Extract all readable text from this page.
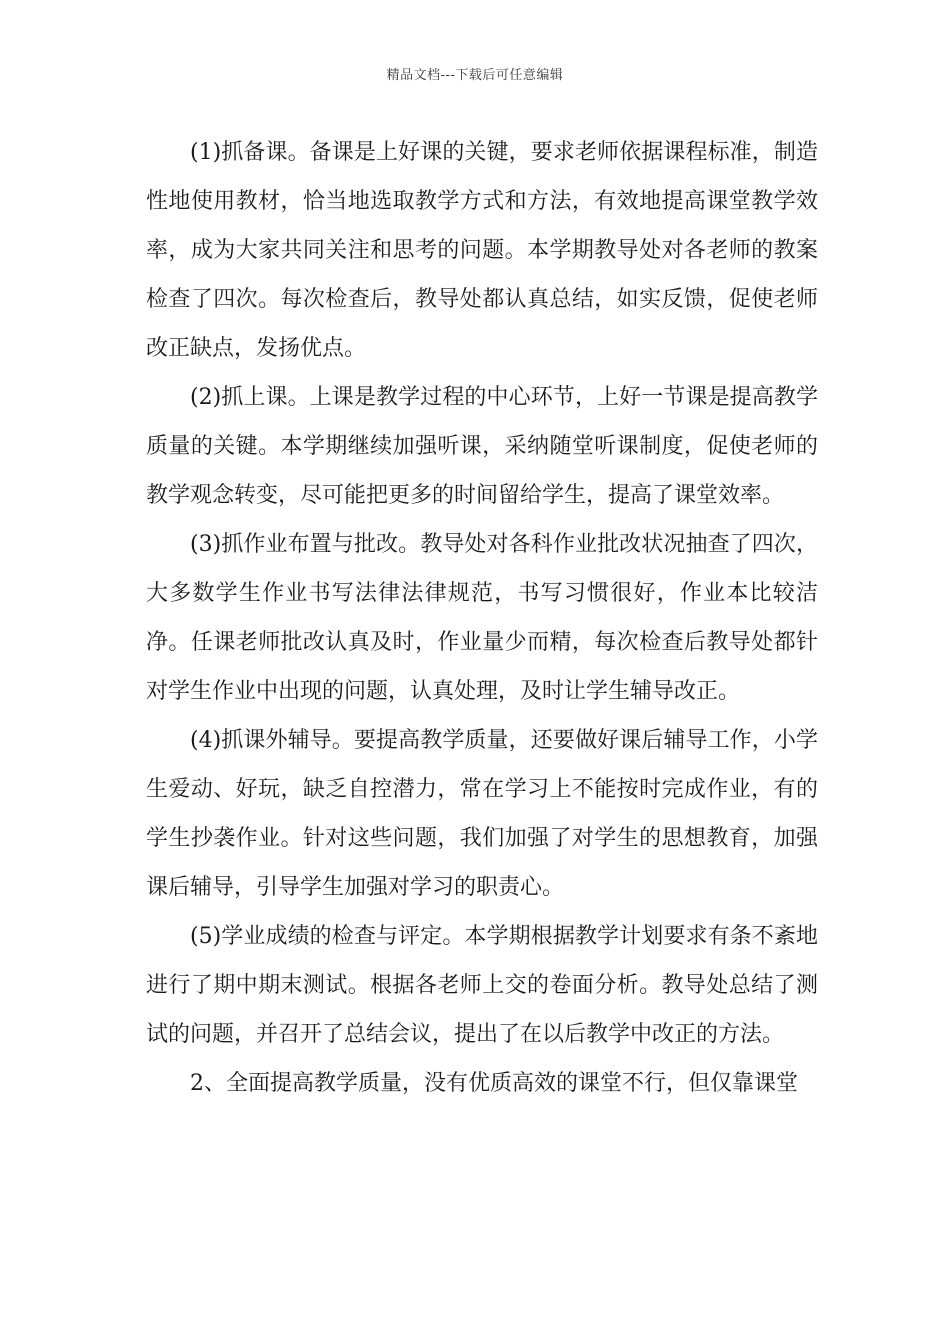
精品文档---下载后可任意编辑

(1)抓备课。备课是上好课的关键，要求老师依据课程标准，制造性地使用教材，恰当地选取教学方式和方法，有效地提高课堂教学效率，成为大家共同关注和思考的问题。本学期教导处对各老师的教案检查了四次。每次检查后，教导处都认真总结，如实反馈，促使老师改正缺点，发扬优点。

(2)抓上课。上课是教学过程的中心环节，上好一节课是提高教学质量的关键。本学期继续加强听课，采纳随堂听课制度，促使老师的教学观念转变，尽可能把更多的时间留给学生，提高了课堂效率。

(3)抓作业布置与批改。教导处对各科作业批改状况抽查了四次，大多数学生作业书写法律法律规范，书写习惯很好，作业本比较洁净。任课老师批改认真及时，作业量少而精，每次检查后教导处都针对学生作业中出现的问题，认真处理，及时让学生辅导改正。

(4)抓课外辅导。要提高教学质量，还要做好课后辅导工作，小学生爱动、好玩，缺乏自控潜力，常在学习上不能按时完成作业，有的学生抄袭作业。针对这些问题，我们加强了对学生的思想教育，加强课后辅导，引导学生加强对学习的职责心。

(5)学业成绩的检查与评定。本学期根据教学计划要求有条不紊地进行了期中期末测试。根据各老师上交的卷面分析。教导处总结了测试的问题，并召开了总结会议，提出了在以后教学中改正的方法。

2、全面提高教学质量，没有优质高效的课堂不行，但仅靠课堂
